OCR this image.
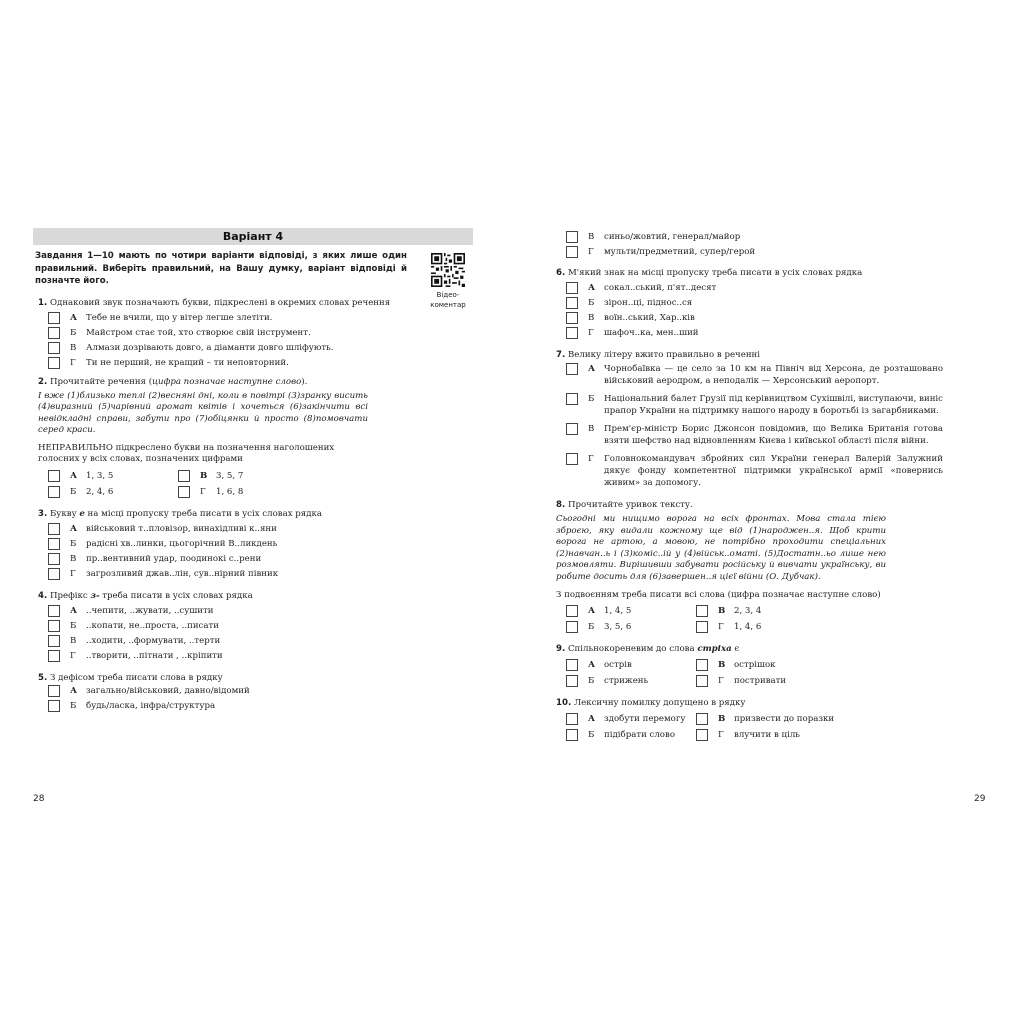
Варіант 4
Завдання 1—10 мають по чотири варіанти відповіді, з яких лише один правильний. Виберіть правильний, на Вашу думку, варіант відповіді й позначте його.
Відео-
коментар
1. Однаковий звук позначають букви, підкреслені в окремих словах речення
А	Тебе не вчили, що у вітер легше злетіти.
Б	Майстром стає той, хто створює свій інструмент.
В	Алмази дозрівають довго, а діаманти довго шліфують.
Г	Ти не перший, не кращий – ти неповторний.
2. Прочитайте речення (цифра позначає наступне слово).
І вже (1)близько теплі (2)весняні дні, коли в повітрі (3)зранку висить (4)виразний (5)чарівний аромат квітів і хочеться (6)закінчити всі невідкладні справи, забути про (7)обіцянки й просто (8)помовчати серед краси.
НЕПРАВИЛЬНО підкреслено букви на позначення наголошених голосних у всіх словах, позначених цифрами
А	1, 3, 5	В	3, 5, 7
Б	2, 4, 6	Г	1, 6, 8
3. Букву е на місці пропуску треба писати в усіх словах рядка
А	військовий т..пловізор, винахідливі к..яни
Б	радісні хв..линки, цьогорічний В..ликдень
В	пр..вентивний удар, поодинокі с..рени
Г	загрозливий джав..лін, сув..нірний півник
4. Префікс з- треба писати в усіх словах рядка
А	..чепити, ..жувати, ..сушити
Б	..копати, не..проста, ..писати
В	..ходити, ..формувати, ..терти
Г	..творити, ..пітнати , ..кріпити
5. З дефісом треба писати слова в рядку
А	загально/військовий, давно/відомий
Б	будь/ласка, інфра/структура
28
В	синьо/жовтий, генерал/майор
Г	мульти/предметний, супер/герой
6. М'який знак на місці пропуску треба писати в усіх словах рядка
А	сокал..ський, п'ят..десят
Б	зірон..ці, піднос..ся
В	воїн..ський, Хар..ків
Г	шафоч..ка, мен..ший
7. Велику літеру вжито правильно в реченні
А	Чорнобаївка — це село за 10 км на Північ від Херсона, де розташовано військовий аеродром, а неподалік — Херсонський аеропорт.
Б	Національний балет Грузії під керівництвом Сухішвілі, виступаючи, виніс прапор України на підтримку нашого народу в боротьбі із загарбниками.
В	Прем'єр-міністр Борис Джонсон повідомив, що Велика Британія готова взяти шефство над відновленням Києва і київської області після війни.
Г	Головнокомандувач збройних сил України генерал Валерій Залужний дякує фонду компетентної підтримки української армії «повернись живим» за допомогу.
8. Прочитайте уривок тексту.
Сьогодні ми нищимо ворога на всіх фронтах. Мова стала тією зброєю, яку видали кожному ще від (1)народжен..я. Щоб крити ворога не артою, а мовою, не потрібно проходити спеціальних (2)навчан..ь і (3)коміс..ій у (4)військ..оматі. (5)Достатн..ьо лише нею розмовляти. Вирішивши забувати російську й вивчати українську, ви робите досить для (6)завершен..я цієї війни (О. Дубчак).
З подвоєнням треба писати всі слова (цифра позначає наступне слово)
А	1, 4, 5	В	2, 3, 4
Б	3, 5, 6	Г	1, 4, 6
9. Спільнокореневим до слова стріха є
А	острів	В	острішок
Б	стрижень	Г	постривати
10. Лексичну помилку допущено в рядку
А	здобути перемогу	В	призвести до поразки
Б	підібрати слово	Г	влучити в ціль
29
